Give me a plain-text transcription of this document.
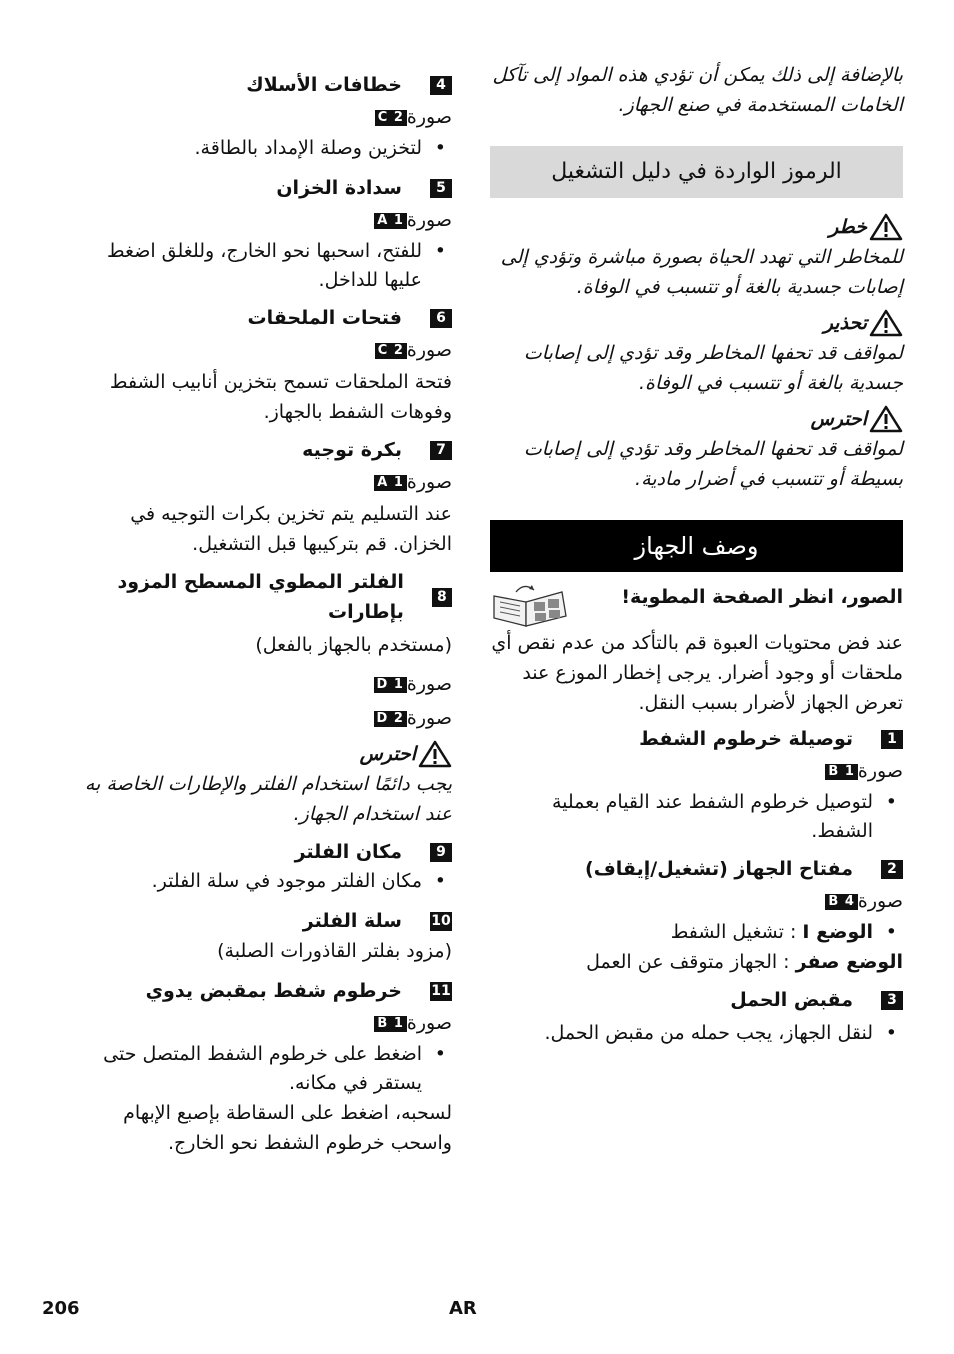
بالإضافة إلى ذلك يمكن أن تؤدي هذه المواد إلى تآكل الخامات المستخدمة في صنع الجهاز.

الرموز الواردة في دليل التشغيل
خطر

للمخاطر التي تهدد الحياة بصورة مباشرة وتؤدي إلى إصابات جسدية بالغة أو تتسبب في الوفاة.

تحذير

لمواقف قد تحفها المخاطر وقد تؤدي إلى إصابات جسدية بالغة أو تتسبب في الوفاة.

احترس

لمواقف قد تحفها المخاطر وقد تؤدي إلى إصابات بسيطة أو تتسبب في أضرار مادية.

وصف الجهاز
الصور، انظر الصفحة المطوية!

عند فض محتويات العبوة قم بالتأكد من عدم نقص أي ملحقات أو وجود أضرار. يرجى إخطار الموزع عند تعرض الجهاز لأضرار بسبب النقل.

1
توصيلة خرطوم الشفط
صورةB 1
• لتوصيل خرطوم الشفط عند القيام بعملية الشفط.
2
مفتاح الجهاز (تشغيل/إيقاف)
صورةB 4
• الوضع I : تشغيل الشفط
الوضع صفر : الجهاز متوقف عن العمل
3
مقبض الحمل
• لنقل الجهاز، يجب حمله من مقبض الحمل.
4
خطافات الأسلاك
صورةC 2
• لتخزين وصلة الإمداد بالطاقة.
5
سدادة الخزان
صورةA 1
• للفتح، اسحبها نحو الخارج، وللغلق اضغط عليها للداخل.
6
فتحات الملحقات
صورةC 2

فتحة الملحقات تسمح بتخزين أنابيب الشفط وفوهات الشفط بالجهاز.

7
بكرة توجيه
صورةA 1

عند التسليم يتم تخزين بكرات التوجيه في الخزان. قم بتركيبها قبل التشغيل.

8
الفلتر المطوي المسطح المزود بإطارات

(مستخدم بالجهاز بالفعل)

صورةD 1
صورةD 2
احترس

يجب دائمًا استخدام الفلتر والإطارات الخاصة به عند استخدام الجهاز.

9
مكان الفلتر
• مكان الفلتر موجود في سلة الفلتر.
10
سلة الفلتر

(مزود بفلتر القاذورات الصلبة)

11
خرطوم شفط بمقبض يدوي
صورةB 1
• اضغط على خرطوم الشفط المتصل حتى يستقر في مكانه.

لسحبه، اضغط على السقاطة بإصبع الإبهام واسحب خرطوم الشفط نحو الخارج.

206	AR
